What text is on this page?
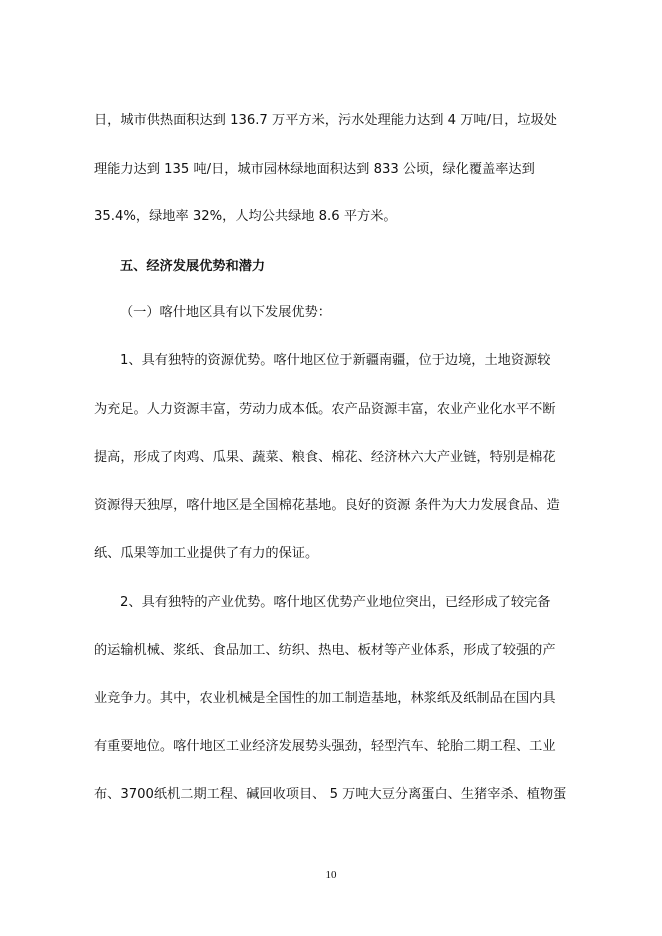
日，城市供热面积达到 136.7 万平方米，污水处理能力达到 4 万吨/日，垃圾处
理能力达到 135 吨/日，城市园林绿地面积达到 833 公顷，绿化覆盖率达到
35.4%，绿地率 32%，人均公共绿地 8.6 平方米。
五、经济发展优势和潜力
（一）喀什地区具有以下发展优势：
1、具有独特的资源优势。喀什地区位于新疆南疆，位于边境，土地资源较
为充足。人力资源丰富，劳动力成本低。农产品资源丰富，农业产业化水平不断
提高，形成了肉鸡、瓜果、蔬菜、粮食、棉花、经济林六大产业链，特别是棉花
资源得天独厚，喀什地区是全国棉花基地。良好的资源 条件为大力发展食品、造
纸、瓜果等加工业提供了有力的保证。
2、具有独特的产业优势。喀什地区优势产业地位突出，已经形成了较完备
的运输机械、浆纸、食品加工、纺织、热电、板材等产业体系，形成了较强的产
业竞争力。其中，农业机械是全国性的加工制造基地，林浆纸及纸制品在国内具
有重要地位。喀什地区工业经济发展势头强劲，轻型汽车、轮胎二期工程、工业
布、3700纸机二期工程、碱回收项目、 5 万吨大豆分离蛋白、生猪宰杀、植物蛋
10
